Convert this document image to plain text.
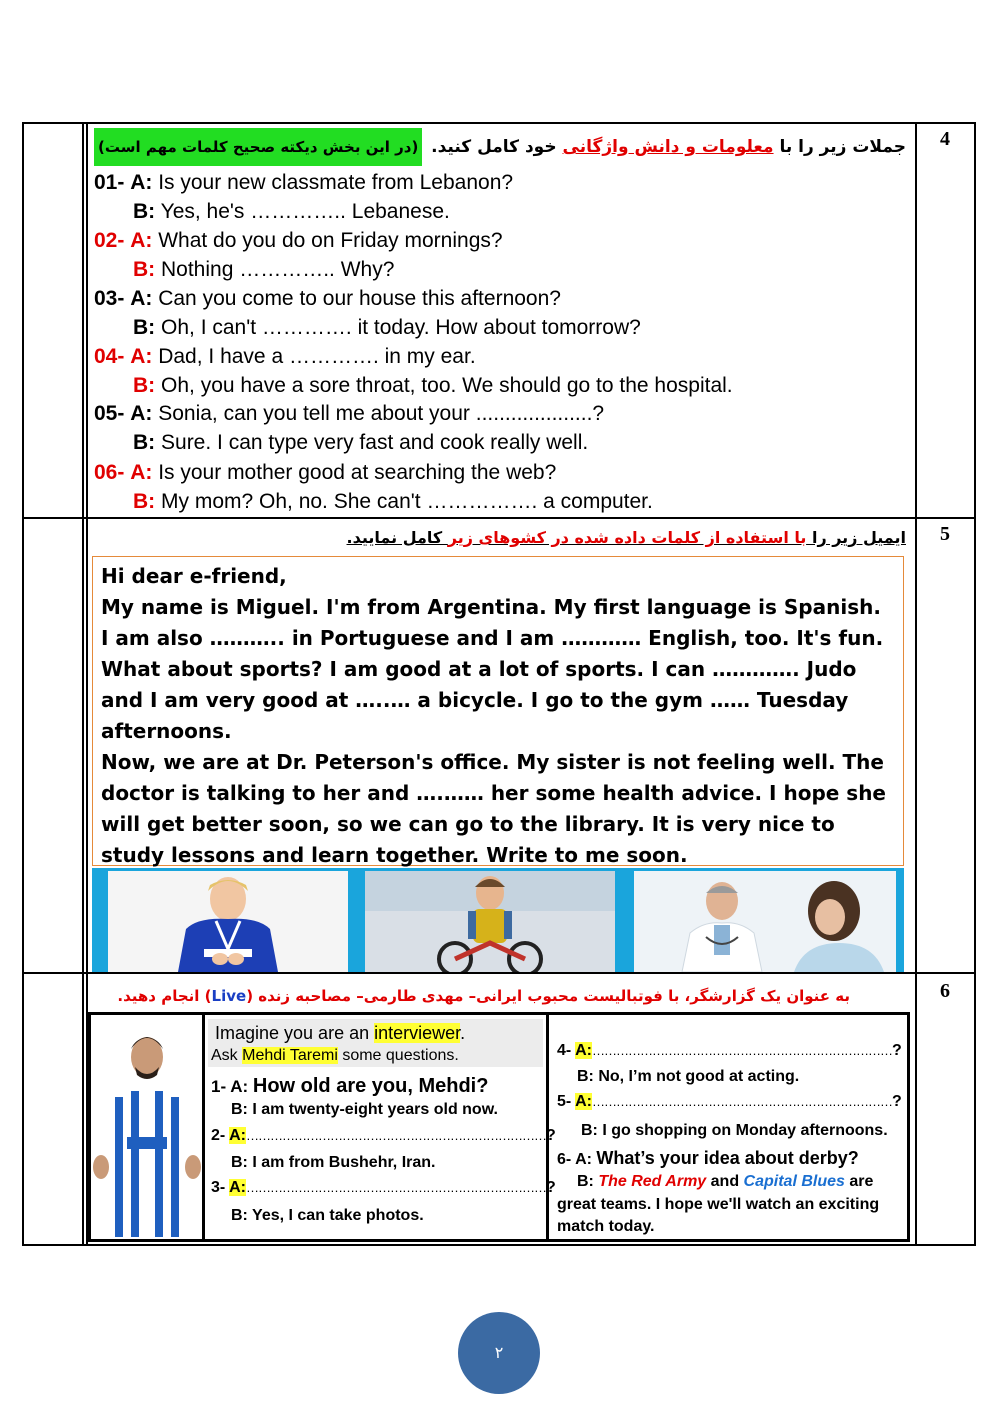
4
جملات زیر را با معلومات و دانش واژگانی خود کامل کنید.
(در این بخش دیکته صحیح کلمات مهم است)
01- A: Is your new classmate from Lebanon?
B: Yes, he's ………….. Lebanese.
02- A: What do you do on Friday mornings?
B: Nothing ………….. Why?
03- A: Can you come to our house this afternoon?
B: Oh, I can't …………. it today. How about tomorrow?
04- A: Dad, I have a …………. in my ear.
B: Oh, you have a sore throat, too. We should go to the hospital.
05- A: Sonia, can you tell me about your ....................?
B: Sure. I can type very fast and cook really well.
06- A: Is your mother good at searching the web?
B: My mom? Oh, no. She can't ……………. a computer.
5
ایمیل زیر را با استفاده از کلمات داده شده در کشوهای زیر کامل نمایید.

Hi dear e-friend,

My name is Miguel. I'm from Argentina. My first language is Spanish. I am also ……….. in Portuguese and I am ………… English, too. It's fun. What about sports? I am good at a lot of sports. I can …………. Judo and I am very good at …..… a bicycle. I go to the gym …… Tuesday afternoons.

Now, we are at Dr. Peterson's office. My sister is not feeling well. The doctor is talking to her and ….…… her some health advice. I hope she will get better soon, so we can go to the library. It is very nice to study lessons and learn together. Write to me soon.

6
به عنوان یک گزارشگر، با فوتبالیست محبوب ایرانی– مهدی طارمی– مصاحبه زنده (Live) انجام دهید.
Imagine you are an interviewer.
Ask Mehdi Taremi some questions.
1- A: How old are you, Mehdi?
B: I am twenty-eight years old now.
2- A:…………………………………………………………………?
B: I am from Bushehr, Iran.
3- A:…………………………………………………………………?
B: Yes, I can take photos.
4- A:…………………………………………………………………?
B: No, I’m not good at acting.
5- A:…………………………………………………………………?
B: I go shopping on Monday afternoons.
6- A: What’s your idea about derby?
B: The Red Army and Capital Blues are
great teams. I hope we'll watch an exciting
match today.
۲
